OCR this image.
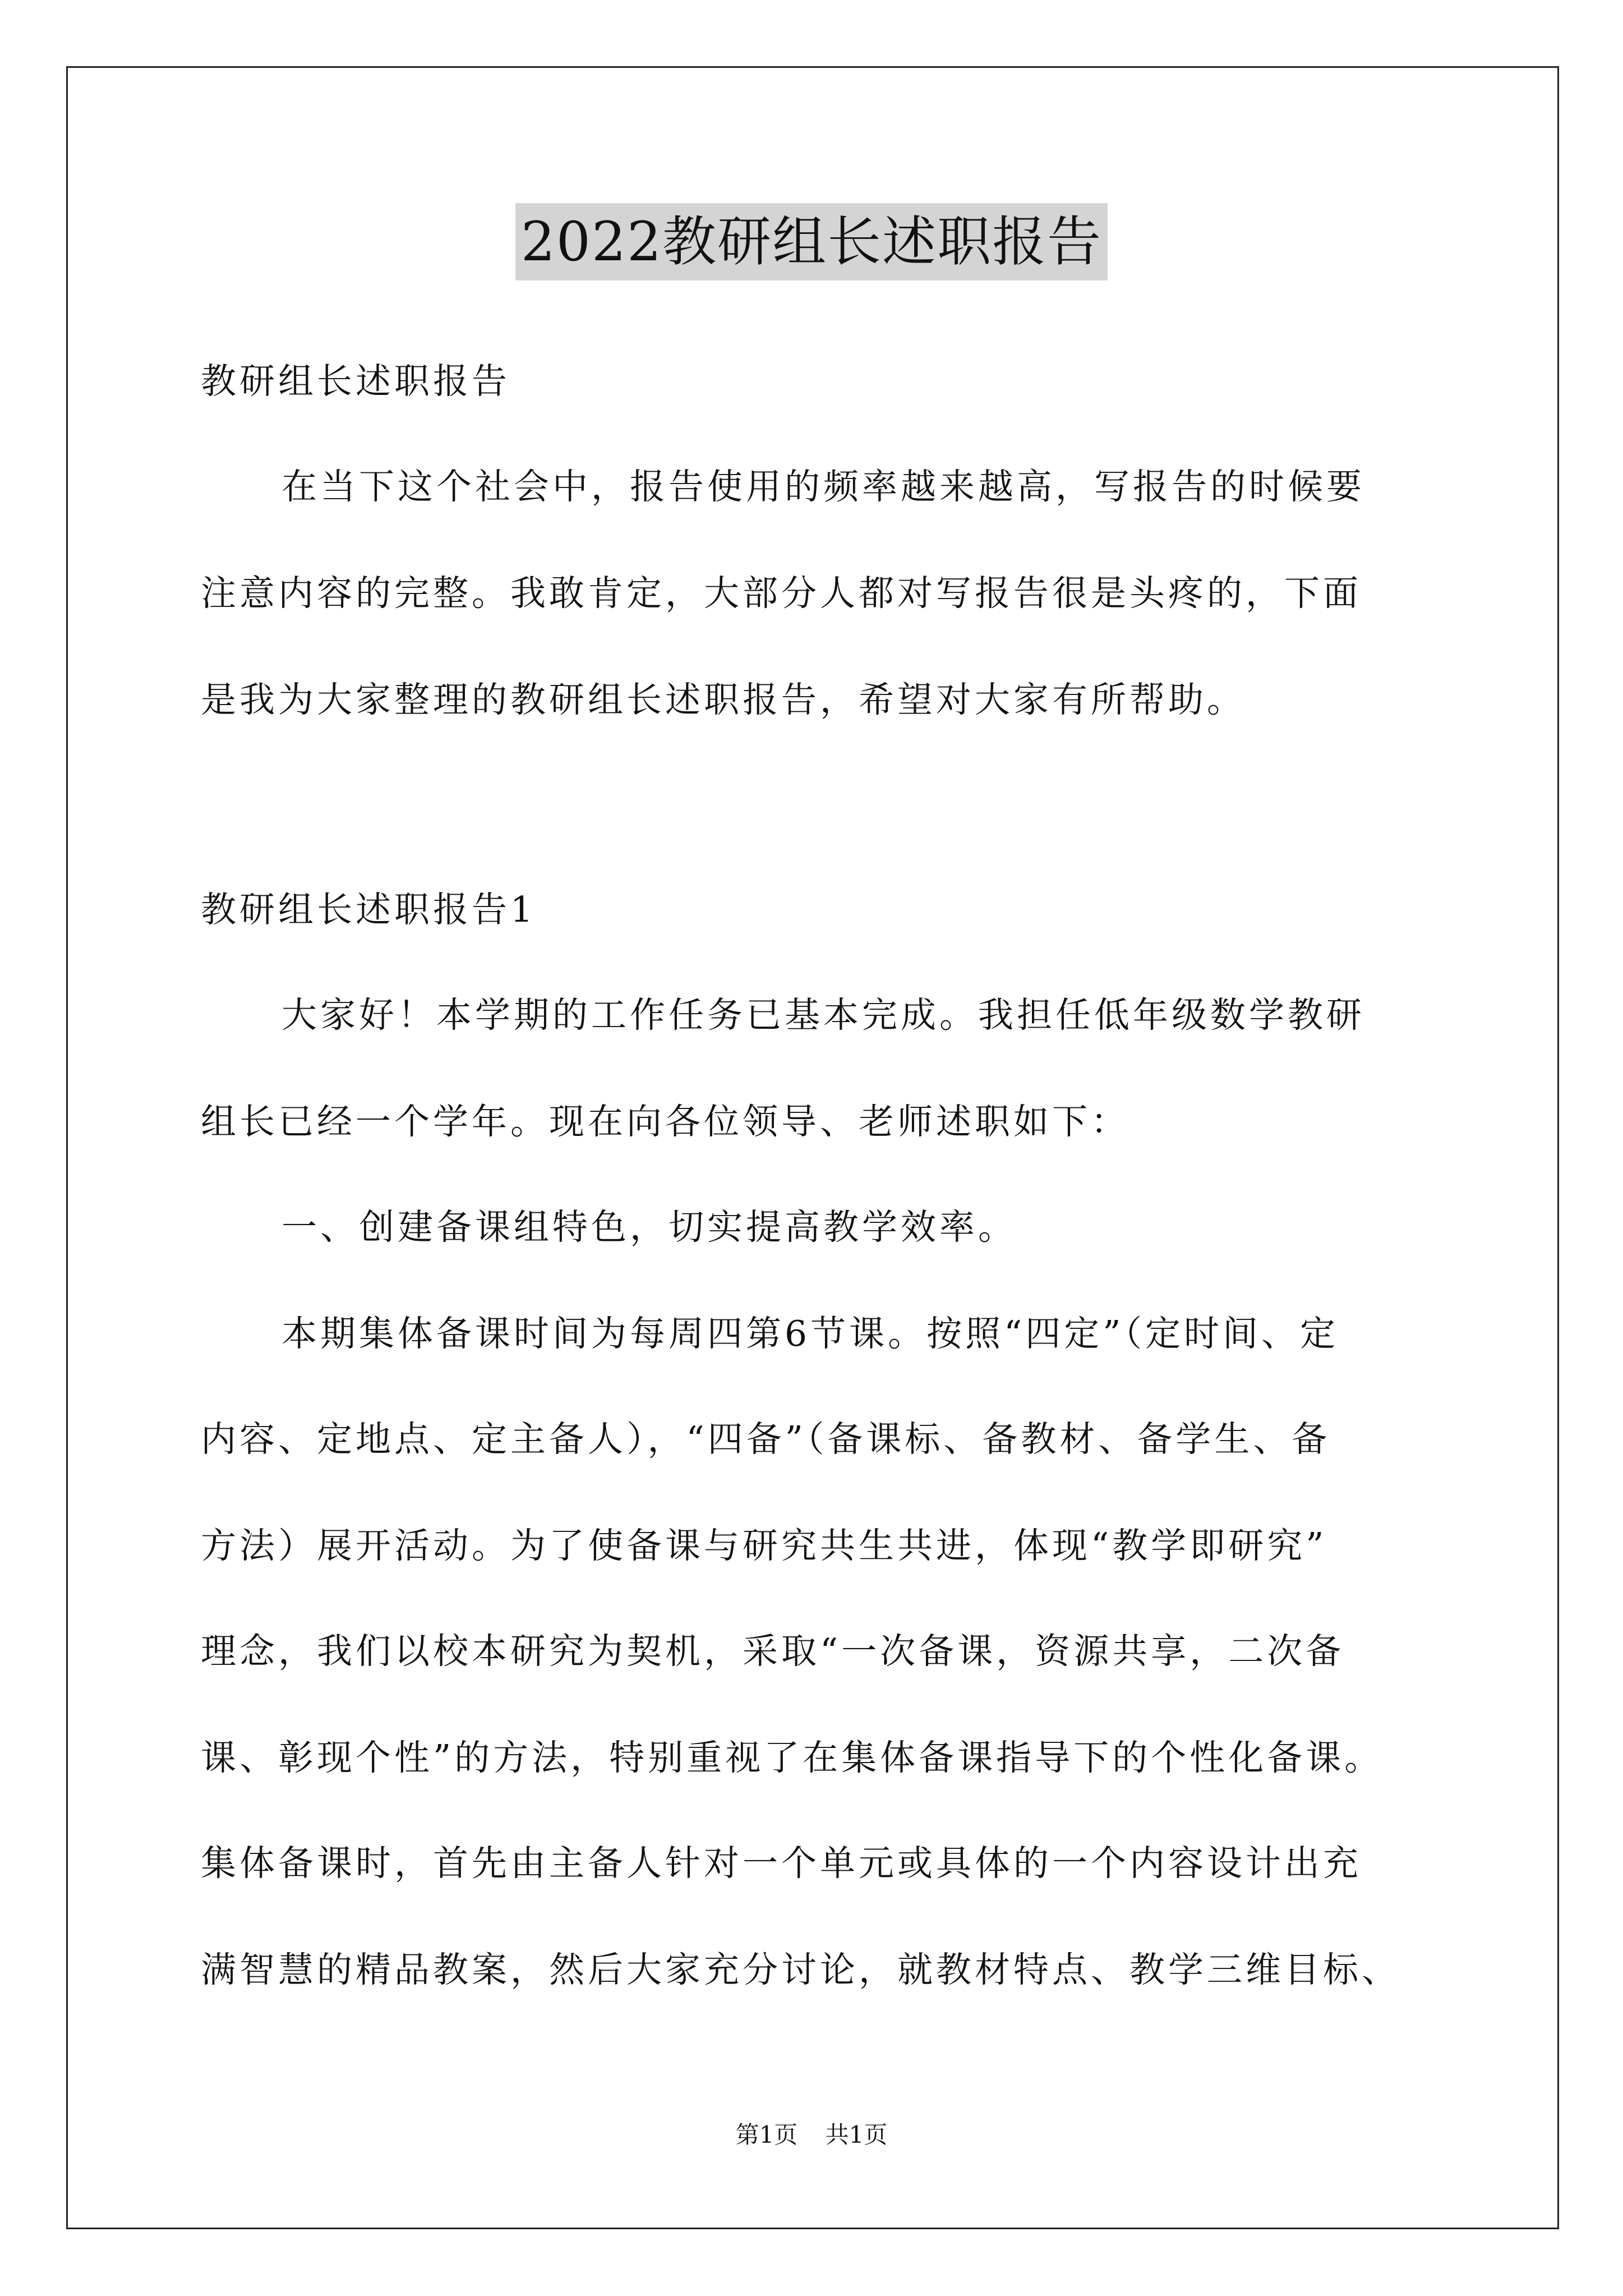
2022教研组长述职报告
教研组长述职报告
在当下这个社会中，报告使用的频率越来越高，写报告的时候要
注意内容的完整。我敢肯定，大部分人都对写报告很是头疼的，下面
是我为大家整理的教研组长述职报告，希望对大家有所帮助。
教研组长述职报告1
大家好！本学期的工作任务已基本完成。我担任低年级数学教研
组长已经一个学年。现在向各位领导、老师述职如下：
一、创建备课组特色，切实提高教学效率。
本期集体备课时间为每周四第6节课。按照“四定”（定时间、定
内容、定地点、定主备人），“四备”（备课标、备教材、备学生、备
方法）展开活动。为了使备课与研究共生共进，体现“教学即研究”
理念，我们以校本研究为契机，采取“一次备课，资源共享，二次备
课、彰现个性”的方法，特别重视了在集体备课指导下的个性化备课。
集体备课时，首先由主备人针对一个单元或具体的一个内容设计出充
满智慧的精品教案，然后大家充分讨论，就教材特点、教学三维目标、
第1页 共1页
